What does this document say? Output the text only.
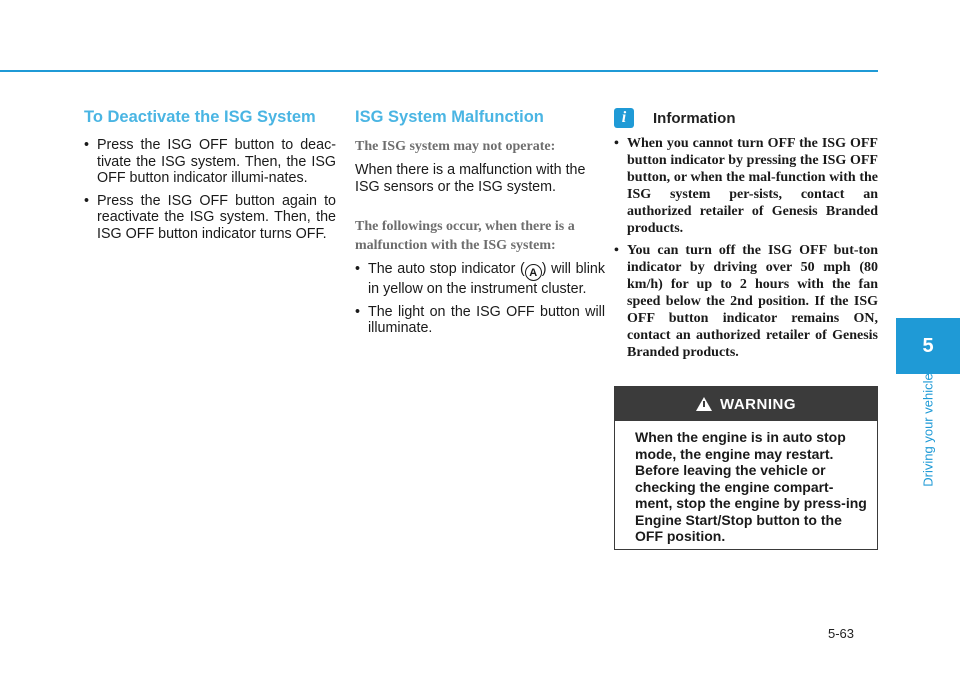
To Deactivate the ISG System
• Press the ISG OFF button to deac-tivate the ISG system. Then, the ISG OFF button indicator illumi-nates.
• Press the ISG OFF button again to reactivate the ISG system. Then, the ISG OFF button indicator turns OFF.
ISG System Malfunction
The ISG system may not operate:

When there is a malfunction with the ISG sensors or the ISG system.

The followings occur, when there is a malfunction with the ISG system:
• The auto stop indicator ( A ) will blink in yellow on the instrument cluster.
• The light on the ISG OFF button will illuminate.
i	Information
• When you cannot turn OFF the ISG OFF button indicator by pressing the ISG OFF button, or when the mal-function with the ISG system per-sists, contact an authorized retailer of Genesis Branded products.
• You can turn off the ISG OFF but-ton indicator by driving over 50 mph (80 km/h) for up to 2 hours with the fan speed below the 2nd position. If the ISG OFF button indicator remains ON, contact an authorized retailer of Genesis Branded products.
WARNING
When the engine is in auto stop mode, the engine may restart. Before leaving the vehicle or checking the engine compart-ment, stop the engine by press-ing Engine Start/Stop button to the OFF position.
5
Driving your vehicle
5-63
